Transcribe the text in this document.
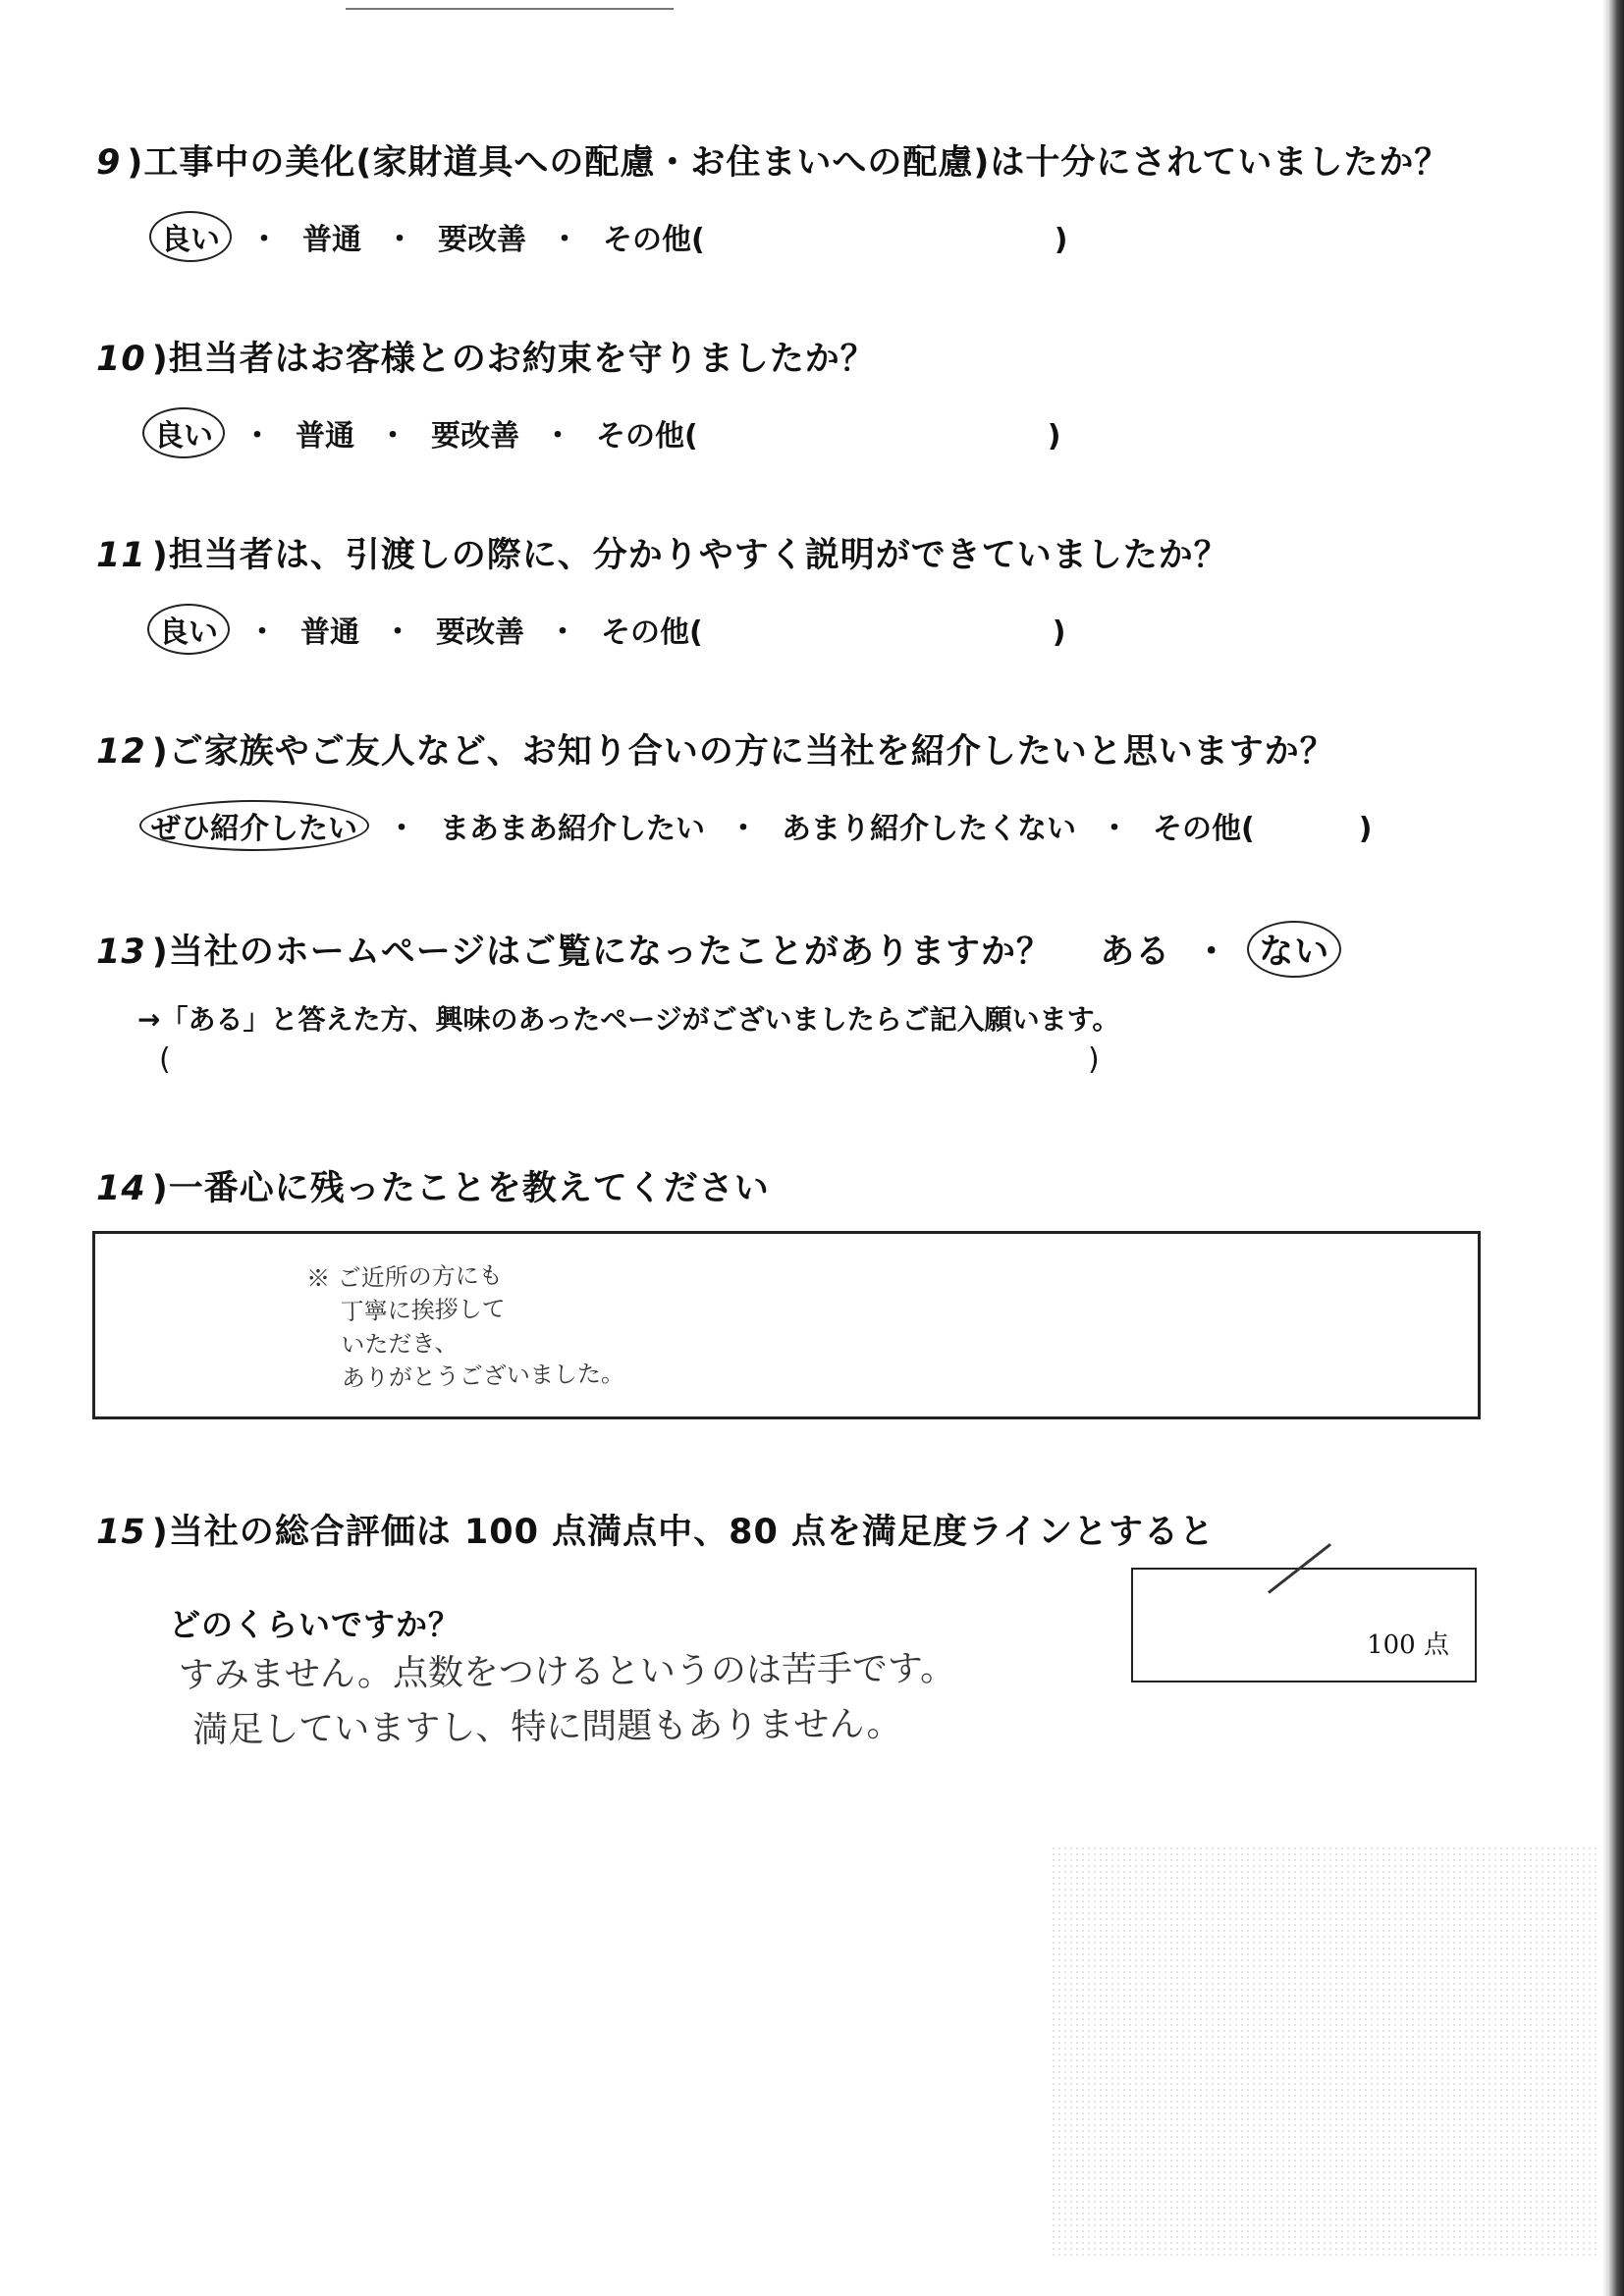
9 )工事中の美化(家財道具への配慮・お住まいへの配慮)は十分にされていましたか？
良い ・ 普通 ・ 要改善 ・ その他(	)
10 )担当者はお客様とのお約束を守りましたか？
良い ・ 普通 ・ 要改善 ・ その他(	)
11 )担当者は、引渡しの際に、分かりやすく説明ができていましたか？
良い ・ 普通 ・ 要改善 ・ その他(	)
12 )ご家族やご友人など、お知り合いの方に当社を紹介したいと思いますか？
ぜひ紹介したい ・ まあまあ紹介したい ・ あまり紹介したくない ・ その他(	)
13 )当社のホームページはご覧になったことがありますか？ ある ・ ない
→「ある」と答えた方、興味のあったページがございましたらご記入願います。
(	)
14 )一番心に残ったことを教えてください
※ ご近所の方にも
丁寧に挨拶して
いただき、
ありがとうございました。
15 )当社の総合評価は 100 点満点中、80 点を満足度ラインとすると
どのくらいですか？
すみません。点数をつけるというのは苦手です。
満足していますし、特に問題もありません。
100 点
